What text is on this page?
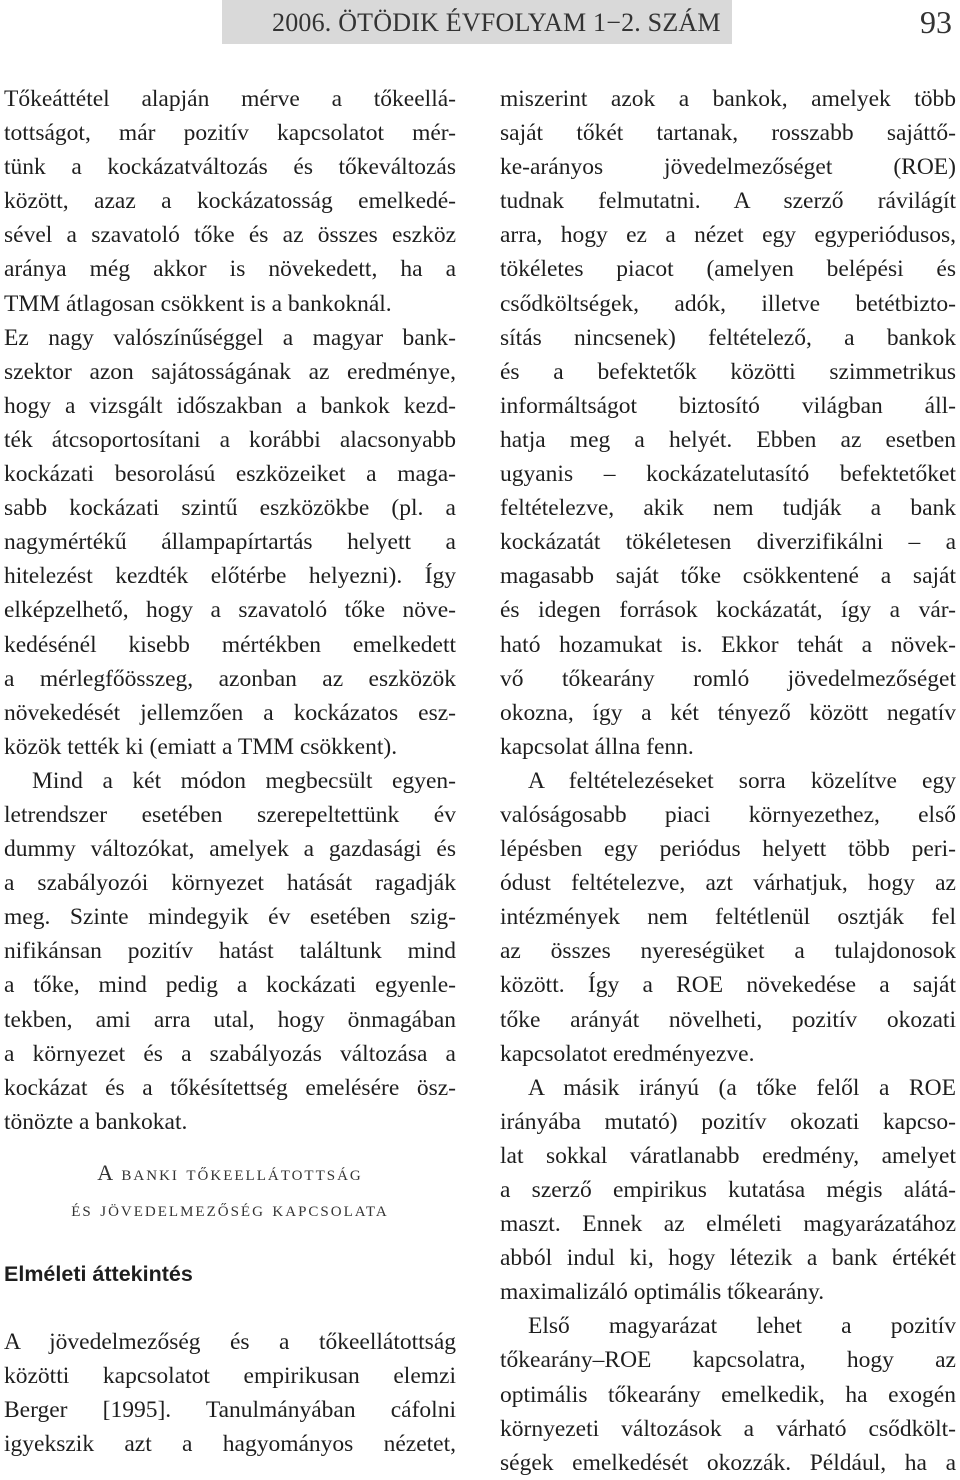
2006. ÖTÖDIK ÉVFOLYAM 1−2. SZÁM	93
Tőkeáttétel alapján mérve a tőkeellá-
tottságot, már pozitív kapcsolatot mér-
tünk a kockázatváltozás és tőkeváltozás
között, azaz a kockázatosság emelkedé-
sével a szavatoló tőke és az összes eszköz
aránya még akkor is növekedett, ha a
TMM átlagosan csökkent is a bankoknál.
Ez nagy valószínűséggel a magyar bank-
szektor azon sajátosságának az eredménye,
hogy a vizsgált időszakban a bankok kezd-
ték átcsoportosítani a korábbi alacsonyabb
kockázati besorolású eszközeiket a maga-
sabb kockázati szintű eszközökbe (pl. a
nagymértékű állampapírtartás helyett a
hitelezést kezdték előtérbe helyezni). Így
elképzelhető, hogy a szavatoló tőke növe-
kedésénél kisebb mértékben emelkedett
a mérlegfőösszeg, azonban az eszközök
növekedését jellemzően a kockázatos esz-
közök tették ki (emiatt a TMM csökkent).
Mind a két módon megbecsült egyen-
letrendszer esetében szerepeltettünk év
dummy változókat, amelyek a gazdasági és
a szabályozói környezet hatását ragadják
meg. Szinte mindegyik év esetében szig-
nifikánsan pozitív hatást találtunk mind
a tőke, mind pedig a kockázati egyenle-
tekben, ami arra utal, hogy önmagában
a környezet és a szabályozás változása a
kockázat és a tőkésítettség emelésére ösz-
tönözte a bankokat.
A banki tőkeellátottság
és jövedelmezőség kapcsolata
Elméleti áttekintés
A jövedelmezőség és a tőkeellátottság
közötti kapcsolatot empirikusan elemzi
Berger [1995]. Tanulmányában cáfolni
igyekszik azt a hagyományos nézetet,
miszerint azok a bankok, amelyek több
saját tőkét tartanak, rosszabb sajáttő-
ke-arányos jövedelmezőséget (ROE)
tudnak felmutatni. A szerző rávilágít
arra, hogy ez a nézet egy egyperiódusos,
tökéletes piacot (amelyen belépési és
csődköltségek, adók, illetve betétbizto-
sítás nincsenek) feltételező, a bankok
és a befektetők közötti szimmetrikus
informáltságot biztosító világban áll-
hatja meg a helyét. Ebben az esetben
ugyanis – kockázatelutasító befektetőket
feltételezve, akik nem tudják a bank
kockázatát tökéletesen diverzifikálni – a
magasabb saját tőke csökkentené a saját
és idegen források kockázatát, így a vár-
ható hozamukat is. Ekkor tehát a növek-
vő tőkearány romló jövedelmezőséget
okozna, így a két tényező között negatív
kapcsolat állna fenn.
A feltételezéseket sorra közelítve egy
valóságosabb piaci környezethez, első
lépésben egy periódus helyett több peri-
ódust feltételezve, azt várhatjuk, hogy az
intézmények nem feltétlenül osztják fel
az összes nyereségüket a tulajdonosok
között. Így a ROE növekedése a saját
tőke arányát növelheti, pozitív okozati
kapcsolatot eredményezve.
A másik irányú (a tőke felől a ROE
irányába mutató) pozitív okozati kapcso-
lat sokkal váratlanabb eredmény, amelyet
a szerző empirikus kutatása mégis alátá-
maszt. Ennek az elméleti magyarázatához
abból indul ki, hogy létezik a bank értékét
maximalizáló optimális tőkearány.
Első magyarázat lehet a pozitív
tőkearány–ROE kapcsolatra, hogy az
optimális tőkearány emelkedik, ha exogén
környezeti változások a várható csődkölt-
ségek emelkedését okozzák. Például, ha a
